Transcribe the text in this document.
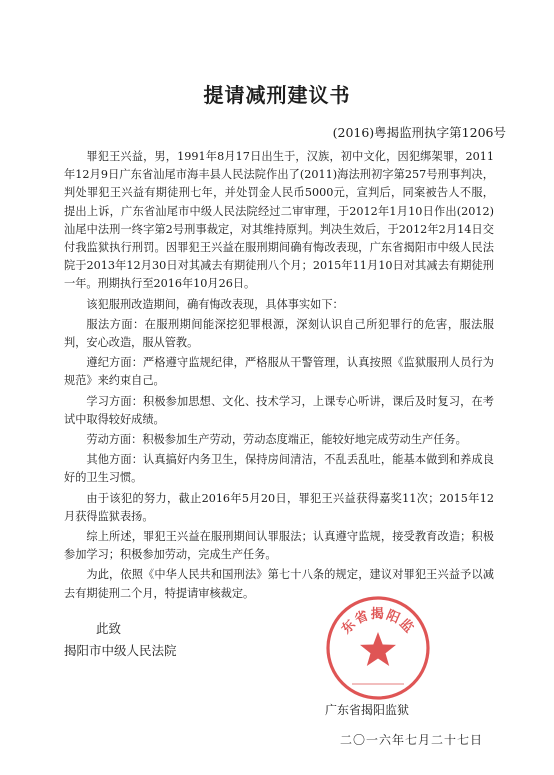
提请减刑建议书
(2016)粤揭监刑执字第1206号

罪犯王兴益，男，1991年8月17日出生于，汉族，初中文化，因犯绑架罪，2011年12月9日广东省汕尾市海丰县人民法院作出了(2011)海法刑初字第257号刑事判决，判处罪犯王兴益有期徒刑七年，并处罚金人民币5000元，宣判后，同案被告人不服，提出上诉，广东省汕尾市中级人民法院经过二审审理，于2012年1月10日作出(2012)汕尾中法刑一终字第2号刑事裁定，对其维持原判。判决生效后，于2012年2月14日交付我监狱执行刑罚。因罪犯王兴益在服刑期间确有悔改表现，广东省揭阳市中级人民法院于2013年12月30日对其减去有期徒刑八个月；2015年11月10日对其减去有期徒刑一年。刑期执行至2016年10月26日。

该犯服刑改造期间，确有悔改表现，具体事实如下：

服法方面：在服刑期间能深挖犯罪根源，深刻认识自己所犯罪行的危害，服法服判，安心改造，服从管教。

遵纪方面：严格遵守监规纪律，严格服从干警管理，认真按照《监狱服刑人员行为规范》来约束自己。

学习方面：积极参加思想、文化、技术学习，上课专心听讲，课后及时复习，在考试中取得较好成绩。

劳动方面：积极参加生产劳动，劳动态度端正，能较好地完成劳动生产任务。

其他方面：认真搞好内务卫生，保持房间清洁，不乱丢乱吐，能基本做到和养成良好的卫生习惯。

由于该犯的努力，截止2016年5月20日，罪犯王兴益获得嘉奖11次；2015年12月获得监狱表扬。

综上所述，罪犯王兴益在服刑期间认罪服法；认真遵守监规，接受教育改造；积极参加学习；积极参加劳动，完成生产任务。

为此，依照《中华人民共和国刑法》第七十八条的规定，建议对罪犯王兴益予以减去有期徒刑二个月，特提请审核裁定。

此致
揭阳市中级人民法院
东省揭阳监
广东省揭阳监狱
二〇一六年七月二十七日
